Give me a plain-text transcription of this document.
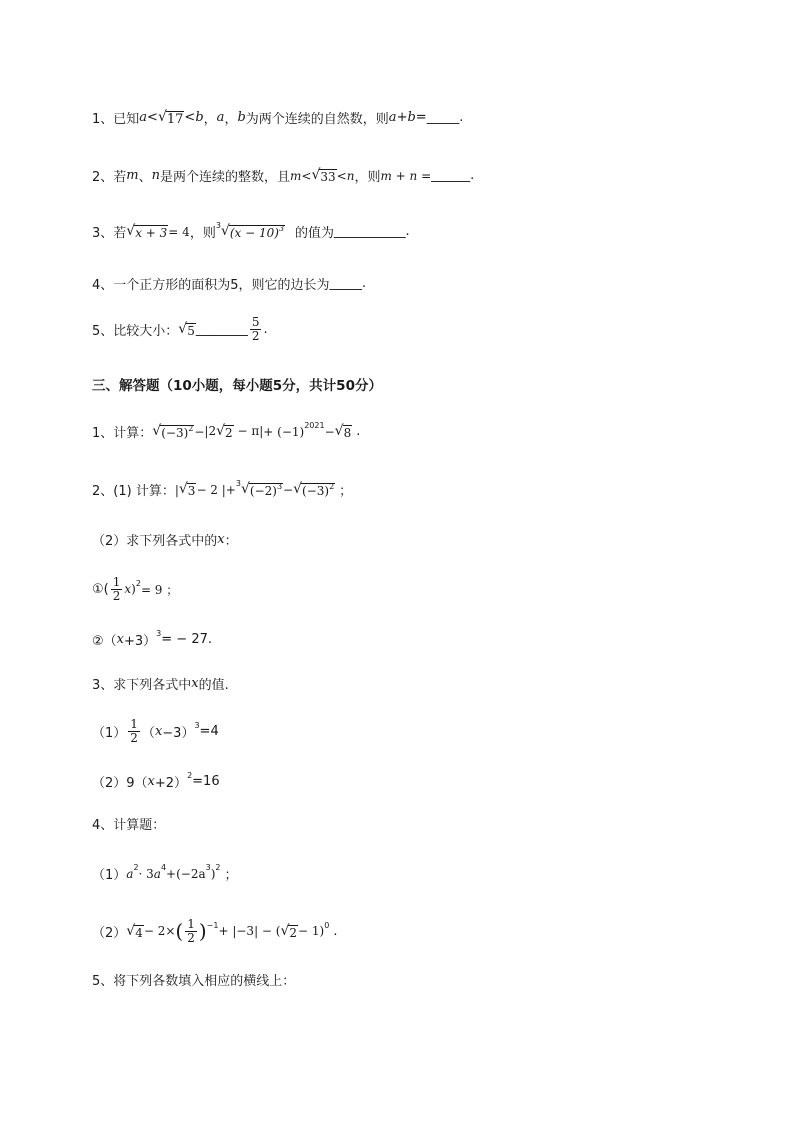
1、已知 a < √ 17 < b ， a ， b 为两个连续的自然数，则 a + b = _____ .
2、若 m 、 n 是两个连续的整数，且 m < √ 33 < n ，则 m + n = ______ .
3、若 √ x + 3 = 4 ，则
3 √ $(x - 10)^3$ 的值为 ___________ .
4、一个正方形的面积为5，则它的边长为 _____ .
5、比较大小： √ 5 ________ $\frac{5}{2}$ .
三、解答题（10小题，每小题5分，共计50分）
1、计算： √ $(-3)^2 - |2$ √ 2 − π| + (−1) 2021 − √ 8 .
2、(1) 计算： | √ 3 − 2 |+ 3 √ $(-2)^3$ − √ $(-3)^2$ ；
（2）求下列各式中的 x ：
①( $\frac{1}{2}$ x ) 2 = 9 ；
②（ x +3）
3 = − 27.
3、求下列各式中 x 的值.
$(1) \frac{1}{2}$ （ x −3）
3 =4
（2）9（ x +2）
2 =16
4、计算题：
（1） a 2 · 3 a 4 + (−2a 3 ) 2
；
（2） √ 4 − 2× ( $\frac{1}{2}$ ) −1 + |−3| − ( √ 2 − 1) 0 .
5、将下列各数填入相应的横线上：
